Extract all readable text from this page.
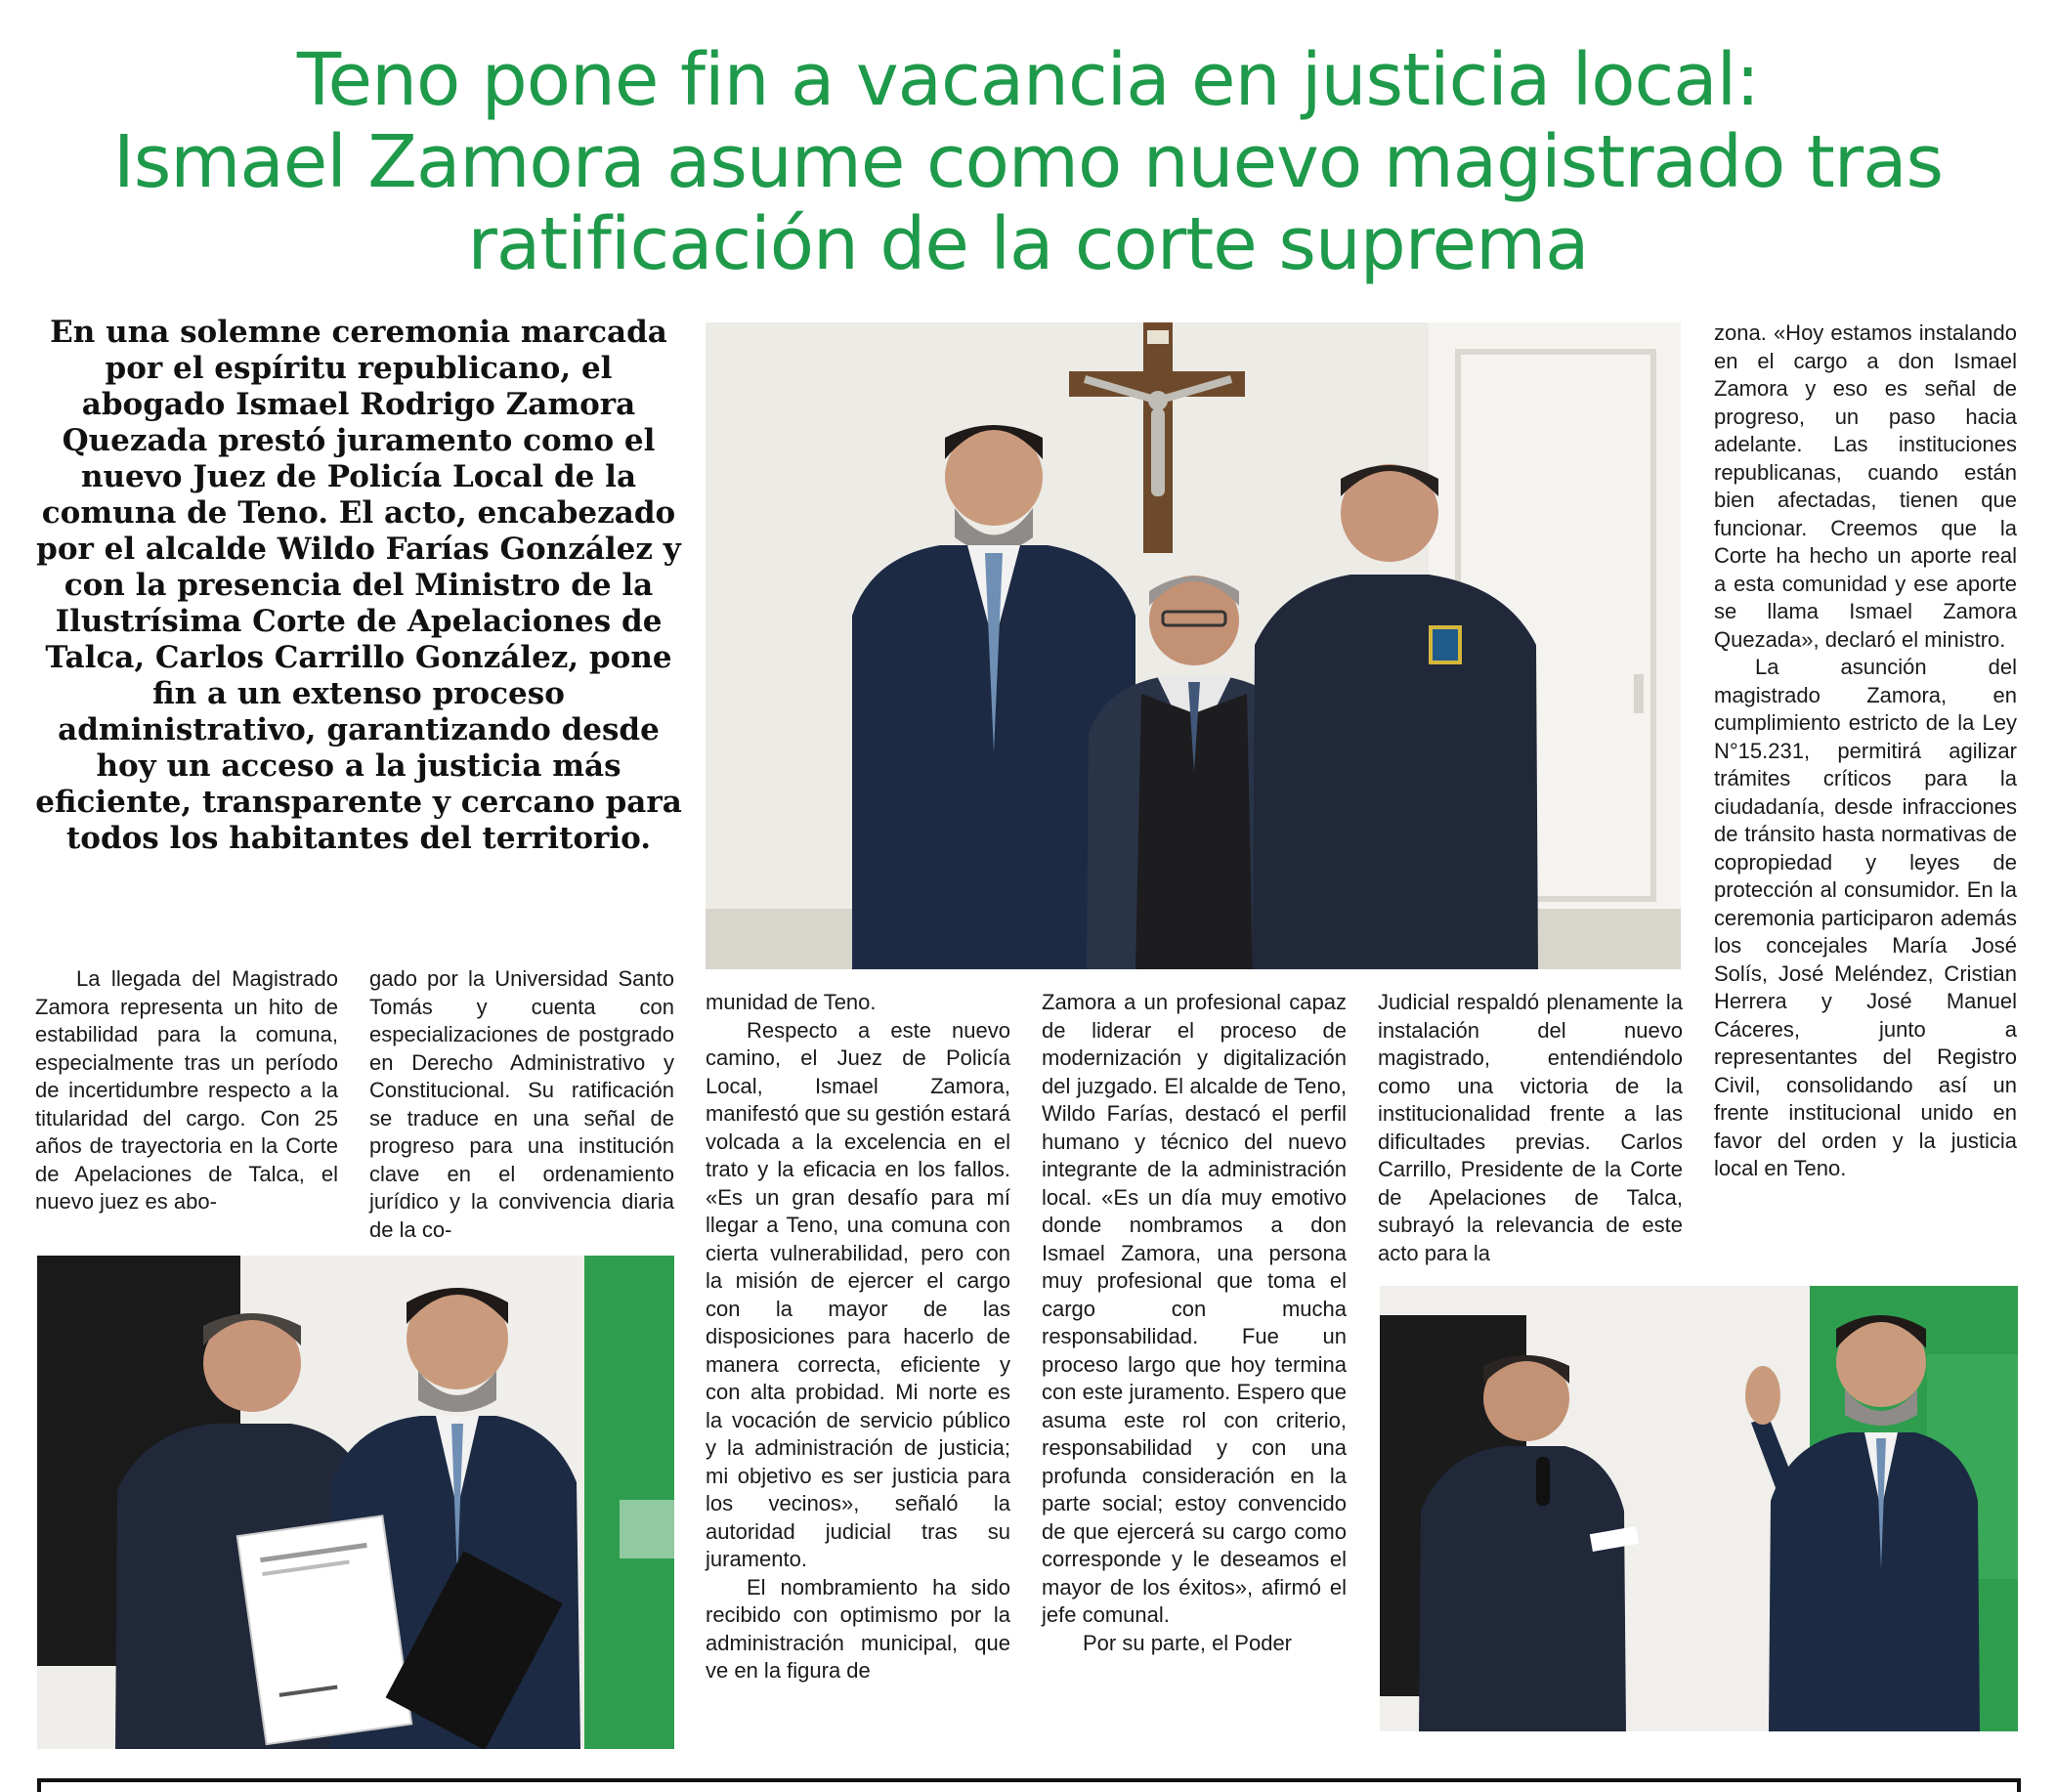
Teno pone fin a vacancia en justicia local:
Ismael Zamora asume como nuevo magistrado tras
ratificación de la corte suprema

En una solemne ceremonia marcada por el espíritu republicano, el abogado Ismael Rodrigo Zamora Quezada prestó juramento como el nuevo Juez de Policía Local de la comuna de Teno. El acto, encabezado por el alcalde Wildo Farías González y con la presencia del Ministro de la Ilustrísima Corte de Apelaciones de Talca, Carlos Carrillo González, pone fin a un extenso proceso administrativo, garantizando desde hoy un acceso a la justicia más eficiente, transparente y cercano para todos los habitantes del territorio.

La llegada del Magistrado Zamora representa un hito de estabilidad para la comuna, especialmente tras un período de incertidumbre respecto a la titularidad del cargo. Con 25 años de trayectoria en la Corte de Apelaciones de Talca, el nuevo juez es abo-

gado por la Universidad Santo Tomás y cuenta con especializaciones de postgrado en Derecho Administrativo y Constitucional. Su ratificación se traduce en una señal de progreso para una institución clave en el ordenamiento jurídico y la convivencia diaria de la co-

munidad de Teno.

Respecto a este nuevo camino, el Juez de Policía Local, Ismael Zamora, manifestó que su gestión estará volcada a la excelencia en el trato y la eficacia en los fallos. «Es un gran desafío para mí llegar a Teno, una comuna con cierta vulnerabilidad, pero con la misión de ejercer el cargo con la mayor de las disposiciones para hacerlo de manera correcta, eficiente y con alta probidad. Mi norte es la vocación de servicio público y la administración de justicia; mi objetivo es ser justicia para los vecinos», señaló la autoridad judicial tras su juramento.

El nombramiento ha sido recibido con optimismo por la administración municipal, que ve en la figura de

Zamora a un profesional capaz de liderar el proceso de modernización y digitalización del juzgado. El alcalde de Teno, Wildo Farías, destacó el perfil humano y técnico del nuevo integrante de la administración local. «Es un día muy emotivo donde nombramos a don Ismael Zamora, una persona muy profesional que toma el cargo con mucha responsabilidad. Fue un proceso largo que hoy termina con este juramento. Espero que asuma este rol con criterio, responsabilidad y con una profunda consideración en la parte social; estoy convencido de que ejercerá su cargo como corresponde y le deseamos el mayor de los éxitos», afirmó el jefe comunal.

Por su parte, el Poder

Judicial respaldó plenamente la instalación del nuevo magistrado, entendiéndolo como una victoria de la institucionalidad frente a las dificultades previas. Carlos Carrillo, Presidente de la Corte de Apelaciones de Talca, subrayó la relevancia de este acto para la

zona. «Hoy estamos instalando en el cargo a don Ismael Zamora y eso es señal de progreso, un paso hacia adelante. Las instituciones republicanas, cuando están bien afectadas, tienen que funcionar. Creemos que la Corte ha hecho un aporte real a esta comunidad y ese aporte se llama Ismael Zamora Quezada», declaró el ministro.

La asunción del magistrado Zamora, en cumplimiento estricto de la Ley N°15.231, permitirá agilizar trámites críticos para la ciudadanía, desde infracciones de tránsito hasta normativas de copropiedad y leyes de protección al consumidor. En la ceremonia participaron además los concejales María José Solís, José Meléndez, Cristian Herrera y José Manuel Cáceres, junto a representantes del Registro Civil, consolidando así un frente institucional unido en favor del orden y la justicia local en Teno.
